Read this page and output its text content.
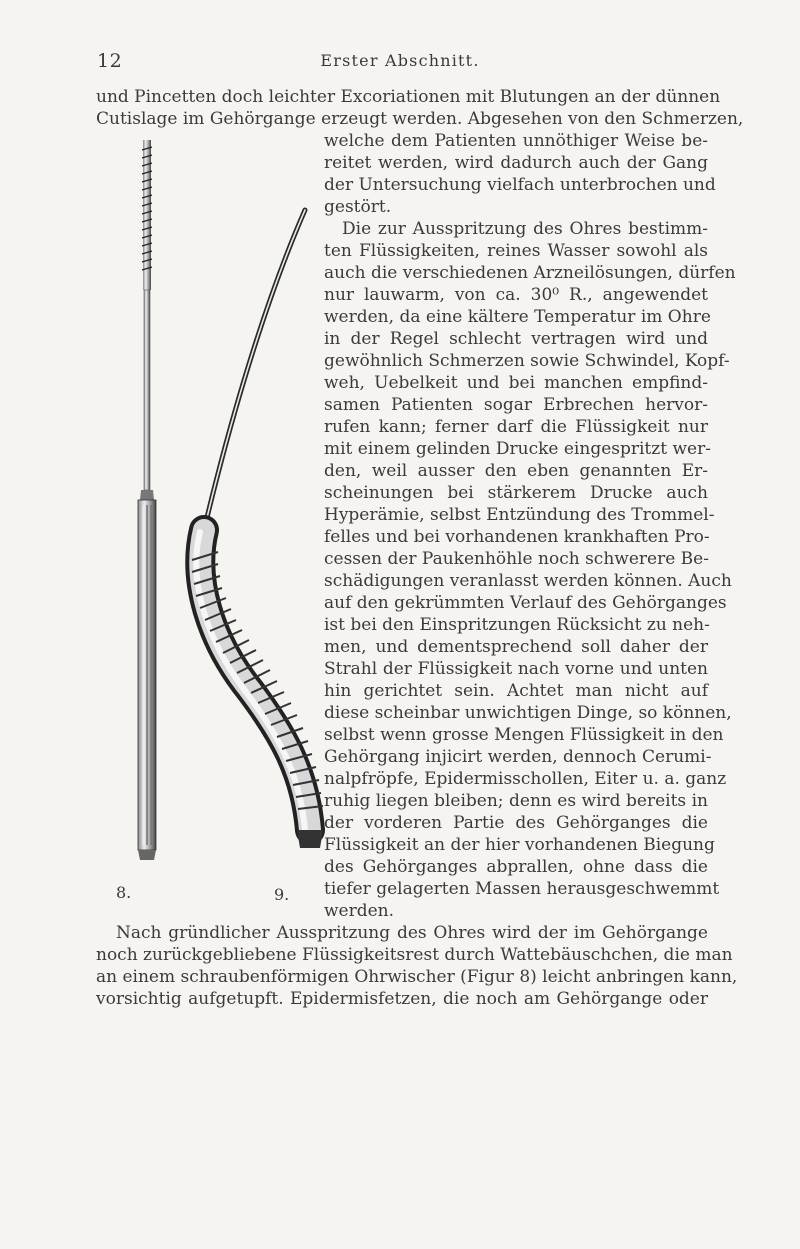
12	Erster Abschnitt.
und Pincetten doch leichter Excoriationen mit Blutungen an der dünnen
Cutislage im Gehörgange erzeugt werden. Abgesehen von den Schmerzen,
welche dem Patienten unnöthiger Weise be-
reitet werden, wird dadurch auch der Gang
der Untersuchung vielfach unterbrochen und
gestört.
Die zur Ausspritzung des Ohres bestimm-
ten Flüssigkeiten, reines Wasser sowohl als
auch die verschiedenen Arzneilösungen, dürfen
nur lauwarm, von ca. 30⁰ R., angewendet
werden, da eine kältere Temperatur im Ohre
in der Regel schlecht vertragen wird und
gewöhnlich Schmerzen sowie Schwindel, Kopf-
weh, Uebelkeit und bei manchen empfind-
samen Patienten sogar Erbrechen hervor-
rufen kann; ferner darf die Flüssigkeit nur
mit einem gelinden Drucke eingespritzt wer-
den, weil ausser den eben genannten Er-
scheinungen bei stärkerem Drucke auch
Hyperämie, selbst Entzündung des Trommel-
felles und bei vorhandenen krankhaften Pro-
cessen der Paukenhöhle noch schwerere Be-
schädigungen veranlasst werden können. Auch
auf den gekrümmten Verlauf des Gehörganges
ist bei den Einspritzungen Rücksicht zu neh-
men, und dementsprechend soll daher der
Strahl der Flüssigkeit nach vorne und unten
hin gerichtet sein. Achtet man nicht auf
diese scheinbar unwichtigen Dinge, so können,
selbst wenn grosse Mengen Flüssigkeit in den
Gehörgang injicirt werden, dennoch Cerumi-
nalpfröpfe, Epidermisschollen, Eiter u. a. ganz
ruhig liegen bleiben; denn es wird bereits in
der vorderen Partie des Gehörganges die
Flüssigkeit an der hier vorhandenen Biegung
des Gehörganges abprallen, ohne dass die
tiefer gelagerten Massen herausgeschwemmt
werden.
Nach gründlicher Ausspritzung des Ohres wird der im Gehörgange
noch zurückgebliebene Flüssigkeitsrest durch Wattebäuschchen, die man
an einem schraubenförmigen Ohrwischer (Figur 8) leicht anbringen kann,
vorsichtig aufgetupft. Epidermisfetzen, die noch am Gehörgange oder
8.	9.
